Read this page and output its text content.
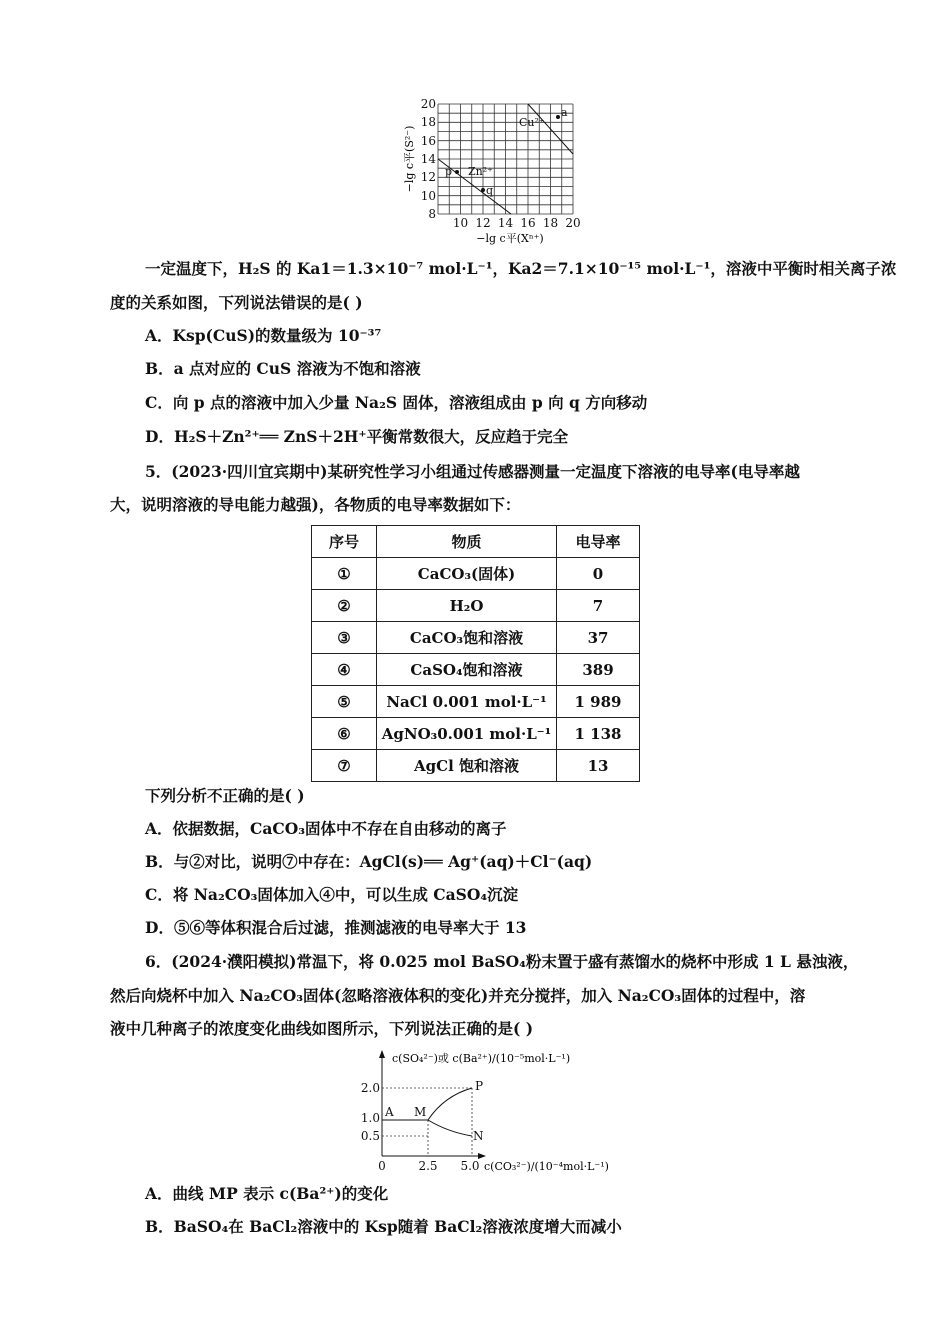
20
18
16
14
12
10
8
10 12 14 16 18 20
−lg c平(Xⁿ⁺)
−lg c平(S²⁻)
Cu²⁺
a
Zn²⁺
p
q
一定温度下，H₂S 的 Ka1＝1.3×10⁻⁷ mol·L⁻¹，Ka2＝7.1×10⁻¹⁵ mol·L⁻¹，溶液中平衡时相关离子浓
度的关系如图，下列说法错误的是( )
A．Ksp(CuS)的数量级为 10⁻³⁷
B．a 点对应的 CuS 溶液为不饱和溶液
C．向 p 点的溶液中加入少量 Na₂S 固体，溶液组成由 p 向 q 方向移动
D．H₂S＋Zn²⁺══ ZnS＋2H⁺平衡常数很大，反应趋于完全
5．(2023·四川宜宾期中)某研究性学习小组通过传感器测量一定温度下溶液的电导率(电导率越
大，说明溶液的导电能力越强)，各物质的电导率数据如下：
序号	物质	电导率
①	CaCO₃(固体)	0
②	H₂O	7
③	CaCO₃饱和溶液	37
④	CaSO₄饱和溶液	389
⑤	NaCl 0.001 mol·L⁻¹	1 989
⑥	AgNO₃0.001 mol·L⁻¹	1 138
⑦	AgCl 饱和溶液	13
下列分析不正确的是( )
A．依据数据，CaCO₃固体中不存在自由移动的离子
B．与②对比，说明⑦中存在：AgCl(s)══ Ag⁺(aq)＋Cl⁻(aq)
C．将 Na₂CO₃固体加入④中，可以生成 CaSO₄沉淀
D．⑤⑥等体积混合后过滤，推测滤液的电导率大于 13
6．(2024·濮阳模拟)常温下，将 0.025 mol BaSO₄粉末置于盛有蒸馏水的烧杯中形成 1 L 悬浊液，
然后向烧杯中加入 Na₂CO₃固体(忽略溶液体积的变化)并充分搅拌，加入 Na₂CO₃固体的过程中，溶
液中几种离子的浓度变化曲线如图所示，下列说法正确的是( )
c(SO₄²⁻)或 c(Ba²⁺)/(10⁻⁵mol·L⁻¹)
2.0
1.0
0.5
0	2.5 5.0 c(CO₃²⁻)/(10⁻⁴mol·L⁻¹)
A M
P
N
A．曲线 MP 表示 c(Ba²⁺)的变化
B．BaSO₄在 BaCl₂溶液中的 Ksp随着 BaCl₂溶液浓度增大而减小
